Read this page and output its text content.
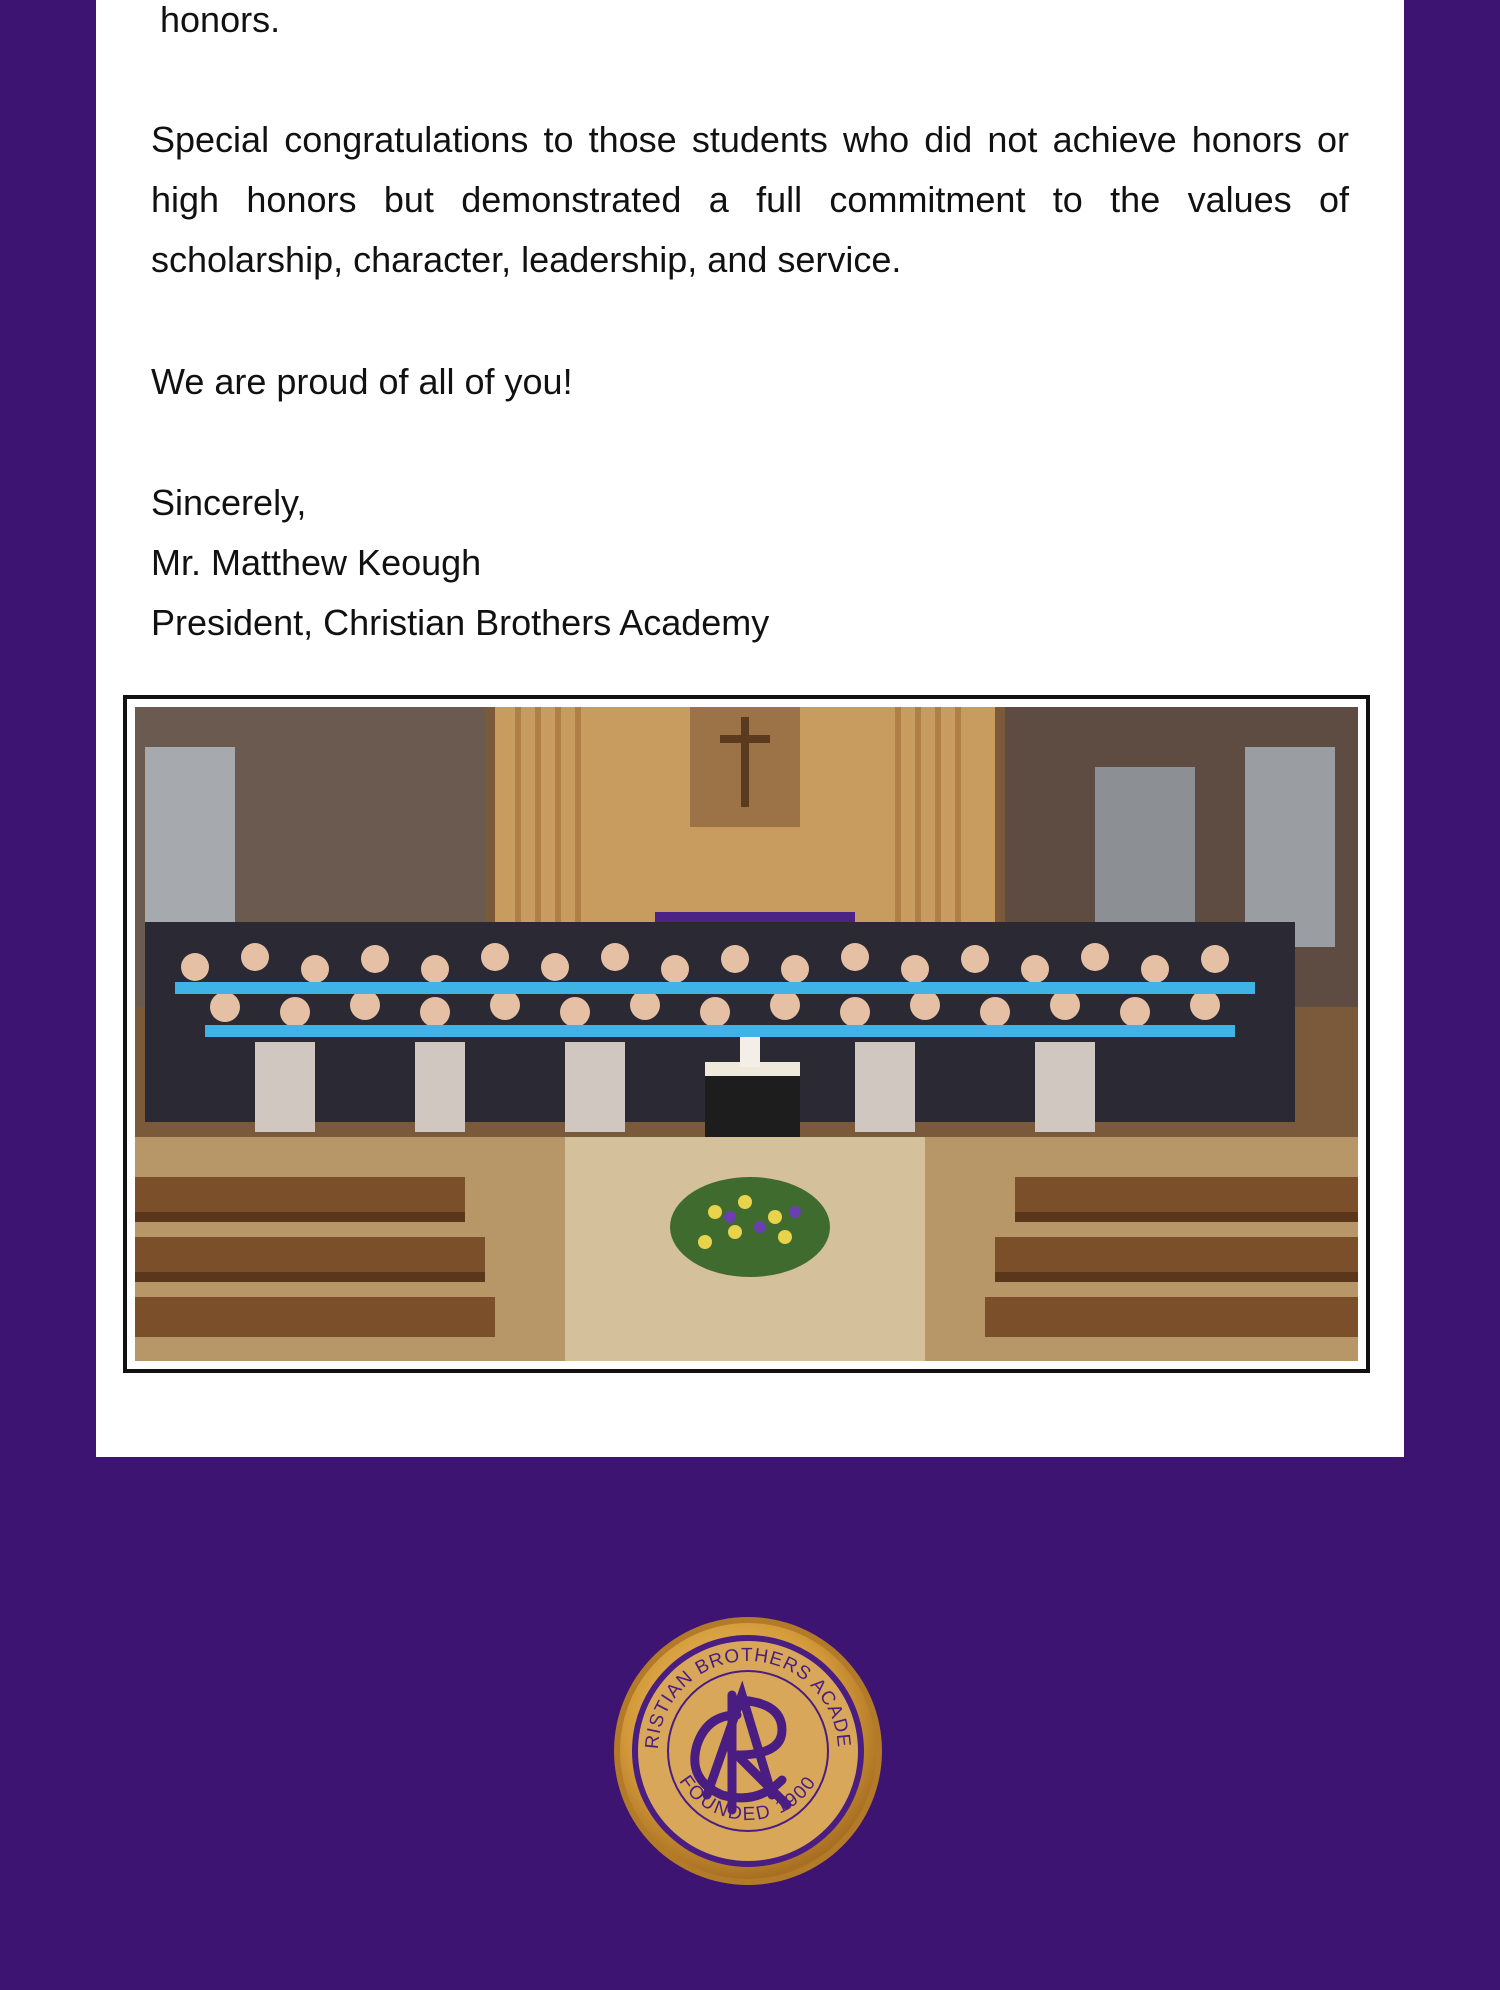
honors.
Special congratulations to those students who did not achieve honors or high honors but demonstrated a full commitment to the values of scholarship, character, leadership, and service.
We are proud of all of you!
Sincerely,
Mr. Matthew Keough
President, Christian Brothers Academy
RISTIAN BROTHERS ACADE
FOUNDED 1900
